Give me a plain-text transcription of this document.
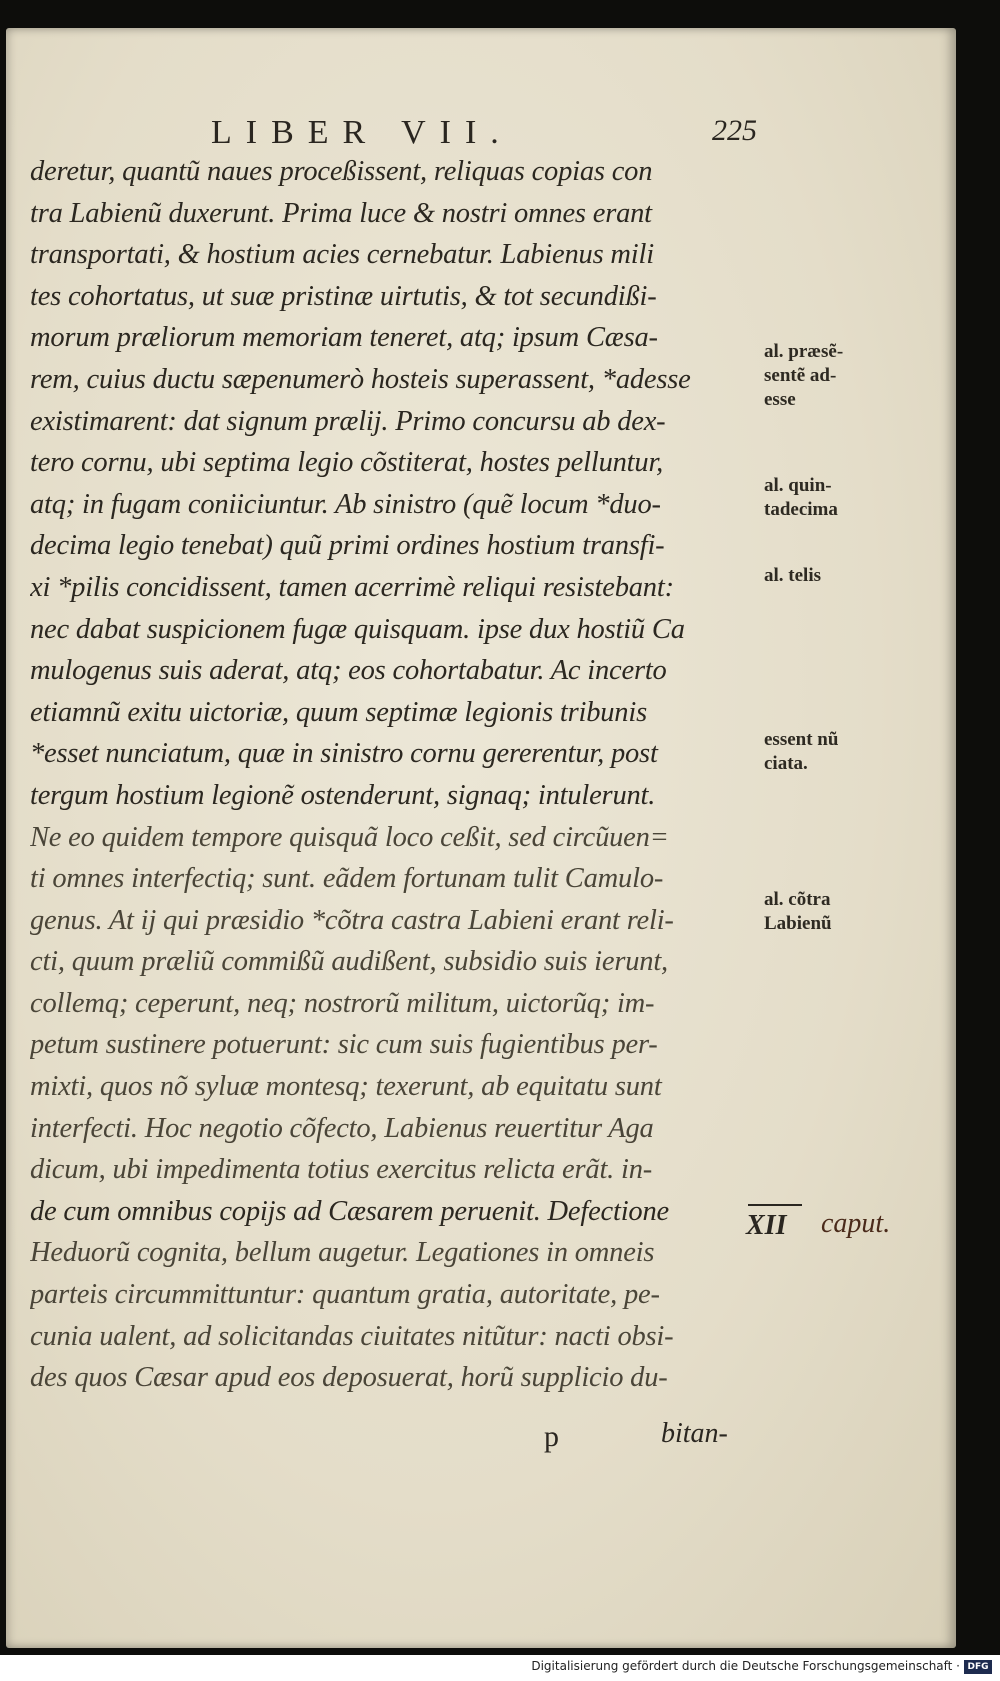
LIBER VII.	225
deretur, quantũ naues proceßissent, reliquas copias con
tra Labienũ duxerunt. Prima luce & nostri omnes erant
transportati, & hostium acies cernebatur. Labienus mili
tes cohortatus, ut suæ pristinæ uirtutis, & tot secundißi-
morum præliorum memoriam teneret, atq; ipsum Cæsa-
rem, cuius ductu sæpenumerò hosteis superassent, *adesse
existimarent: dat signum prælij. Primo concursu ab dex-
tero cornu, ubi septima legio cõstiterat, hostes pelluntur,
atq; in fugam coniiciuntur. Ab sinistro (quẽ locum *duo-
decima legio tenebat) quũ primi ordines hostium transfi-
xi *pilis concidissent, tamen acerrimè reliqui resistebant:
nec dabat suspicionem fugæ quisquam. ipse dux hostiũ Ca
mulogenus suis aderat, atq; eos cohortabatur. Ac incerto
etiamnũ exitu uictoriæ, quum septimæ legionis tribunis
*esset nunciatum, quæ in sinistro cornu gererentur, post
tergum hostium legionẽ ostenderunt, signaq; intulerunt.
Ne eo quidem tempore quisquã loco ceßit, sed circũuen=
ti omnes interfectiq; sunt. eãdem fortunam tulit Camulo-
genus. At ij qui præsidio *cõtra castra Labieni erant reli-
cti, quum præliũ commißũ audißent, subsidio suis ierunt,
collemq; ceperunt, neq; nostrorũ militum, uictorũq; im-
petum sustinere potuerunt: sic cum suis fugientibus per-
mixti, quos nõ syluæ montesq; texerunt, ab equitatu sunt
interfecti. Hoc negotio cõfecto, Labienus reuertitur Aga
dicum, ubi impedimenta totius exercitus relicta erãt. in-
de cum omnibus copijs ad Cæsarem peruenit. Defectione
Heduorũ cognita, bellum augetur. Legationes in omneis
parteis circummittuntur: quantum gratia, autoritate, pe-
cunia ualent, ad solicitandas ciuitates nitũtur: nacti obsi-
des quos Cæsar apud eos deposuerat, horũ supplicio du-
al. præsẽ-
sentẽ ad-
esse
al. quin-
tadecima
al. telis
essent nũ
ciata.
al. cõtra
Labienũ
XII caput.
p	bitan-
Digitalisierung gefördert durch die Deutsche Forschungsgemeinschaft · DFG
